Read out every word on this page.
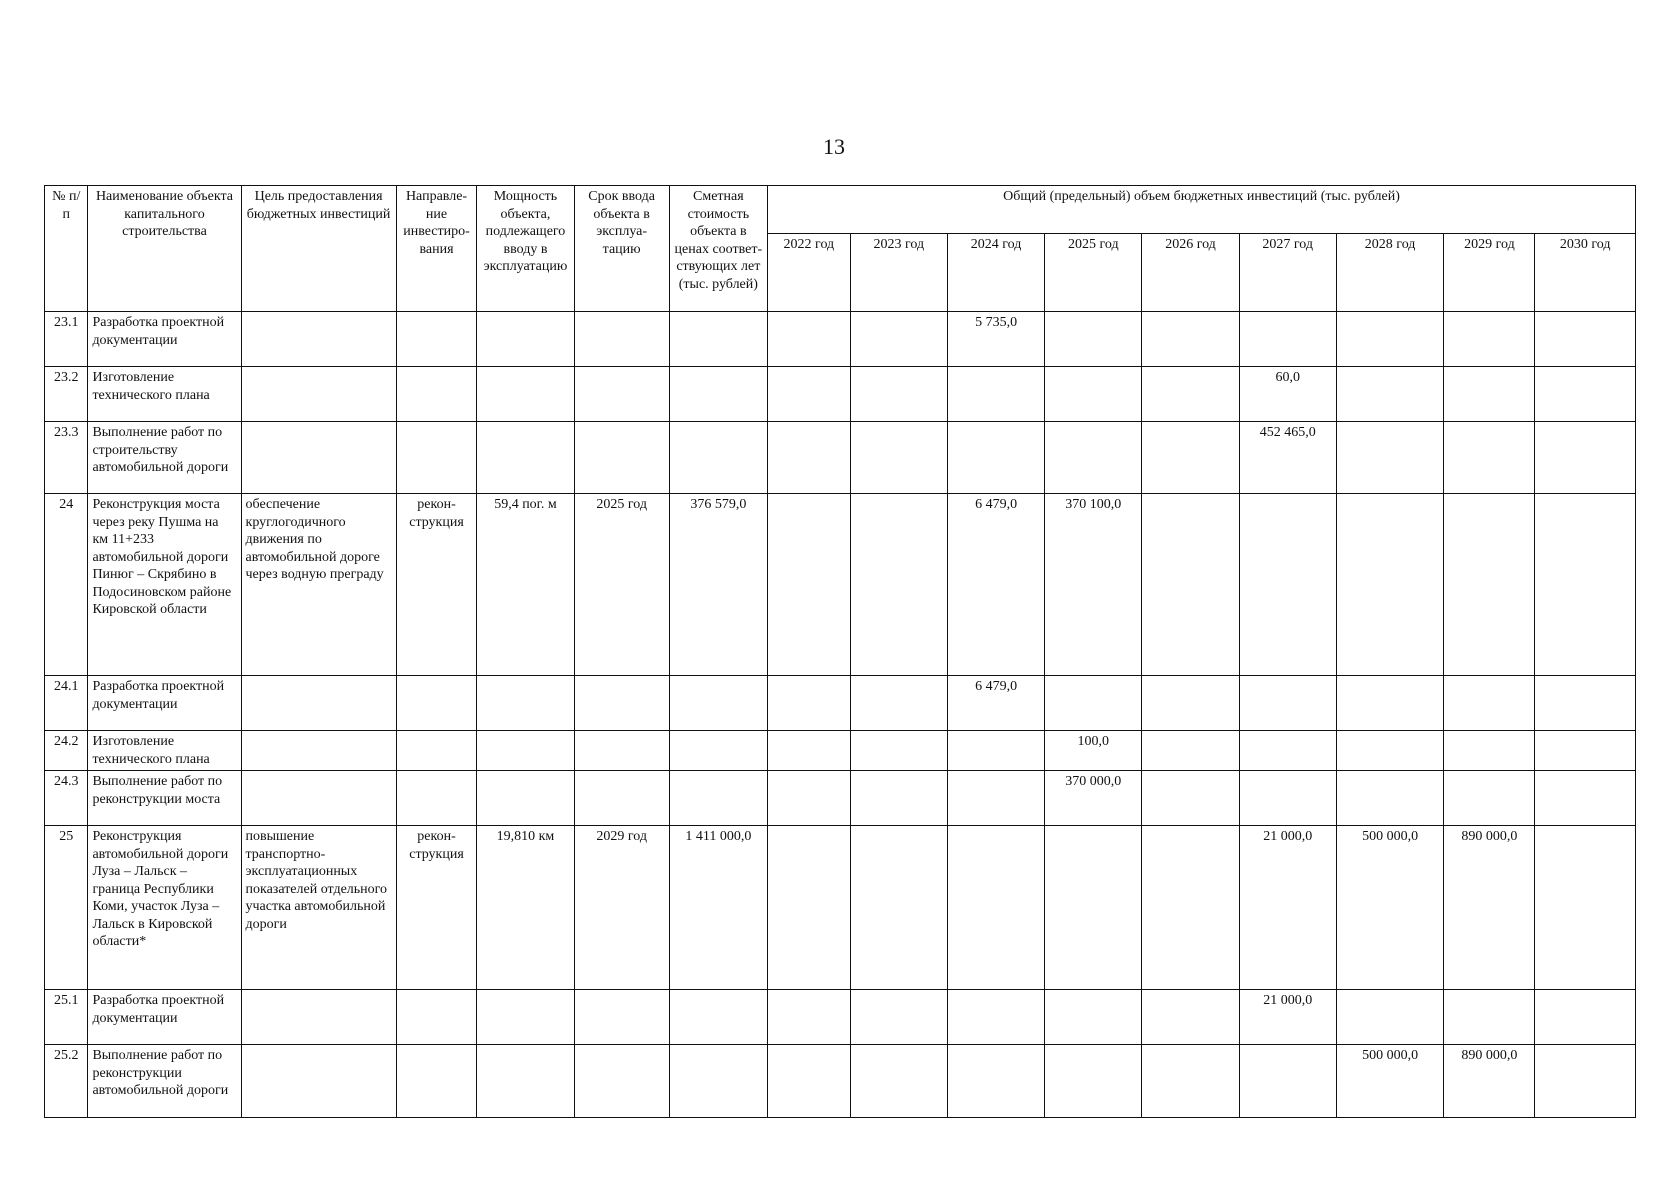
13
№ п/п	Наименование объекта капитального строительства	Цель предоставления бюджетных инвестиций	Направле-ние инвестиро-вания	Мощность объекта, подлежащего вводу в эксплуатацию	Срок ввода объекта в эксплуа-тацию	Сметная стоимость объекта в ценах соответ-ствующих лет (тыс. рублей)	Общий (предельный) объем бюджетных инвестиций (тыс. рублей)								
							2022 год	2023 год	2024 год	2025 год	2026 год	2027 год	2028 год	2029 год	2030 год
23.1	Разработка проектной документации								5 735,0						
23.2	Изготовление технического плана											60,0			
23.3	Выполнение работ по строительству автомобильной дороги											452 465,0			
24	Реконструкция моста через реку Пушма на км 11+233 автомобильной дороги Пинюг – Скрябино в Подосиновском районе Кировской области	обеспечение круглогодичного движения по автомобильной дороге через водную преграду	рекон-струкция	59,4 пог. м	2025 год	376 579,0			6 479,0	370 100,0					
24.1	Разработка проектной документации								6 479,0						
24.2	Изготовление технического плана									100,0					
24.3	Выполнение работ по реконструкции моста									370 000,0					
25	Реконструкция автомобильной дороги Луза – Лальск – граница Республики Коми, участок Луза – Лальск в Кировской области*	повышение транспортно-эксплуатационных показателей отдельного участка автомобильной дороги	рекон-струкция	19,810 км	2029 год	1 411 000,0						21 000,0	500 000,0	890 000,0	
25.1	Разработка проектной документации											21 000,0			
25.2	Выполнение работ по реконструкции автомобильной дороги												500 000,0	890 000,0	
